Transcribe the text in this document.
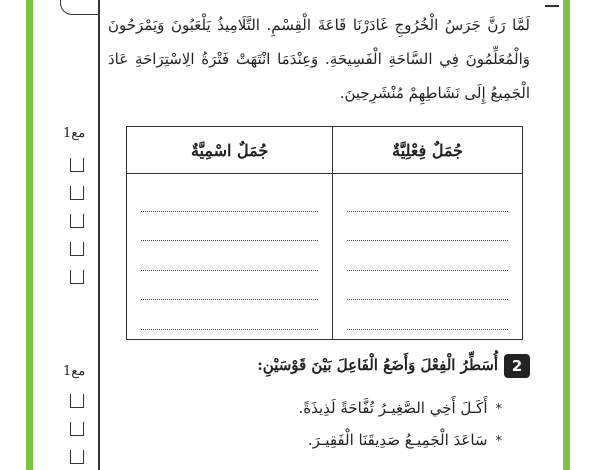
لَمَّا رَنَّ جَرَسُ الْخُرُوجِ غَادَرْنَا قَاعَةَ الْقِسْمِ. التَّلَامِيذُ يَلْعَبُونَ وَيَمْرَحُونَ وَالْمُعَلِّمُونَ فِي السَّاحَةِ الْفَسِيحَةِ. وَعِنْدَمَا انْتَهَتْ فَتْرَةُ الِاسْتِرَاحَةِ عَادَ الْجَمِيعُ إِلَى نَشَاطِهِمْ مُنْشَرِحِينَ.
جُمَلٌ فِعْلِيَّةٌ	جُمَلٌ اسْمِيَّةٌ

مع1
مع1	2
أُسَطِّرُ الْفِعْلَ وَأَضَعُ الْفَاعِلَ بَيْنَ قَوْسَيْنِ:
*أَكَـلَ أَخِي الصَّغِيـرُ تُفَّاحَةً لَذِيذَةً.
*سَاعَدَ الْجَمِيـعُ صَدِيقَنَا الْفَقِيـرَ.
